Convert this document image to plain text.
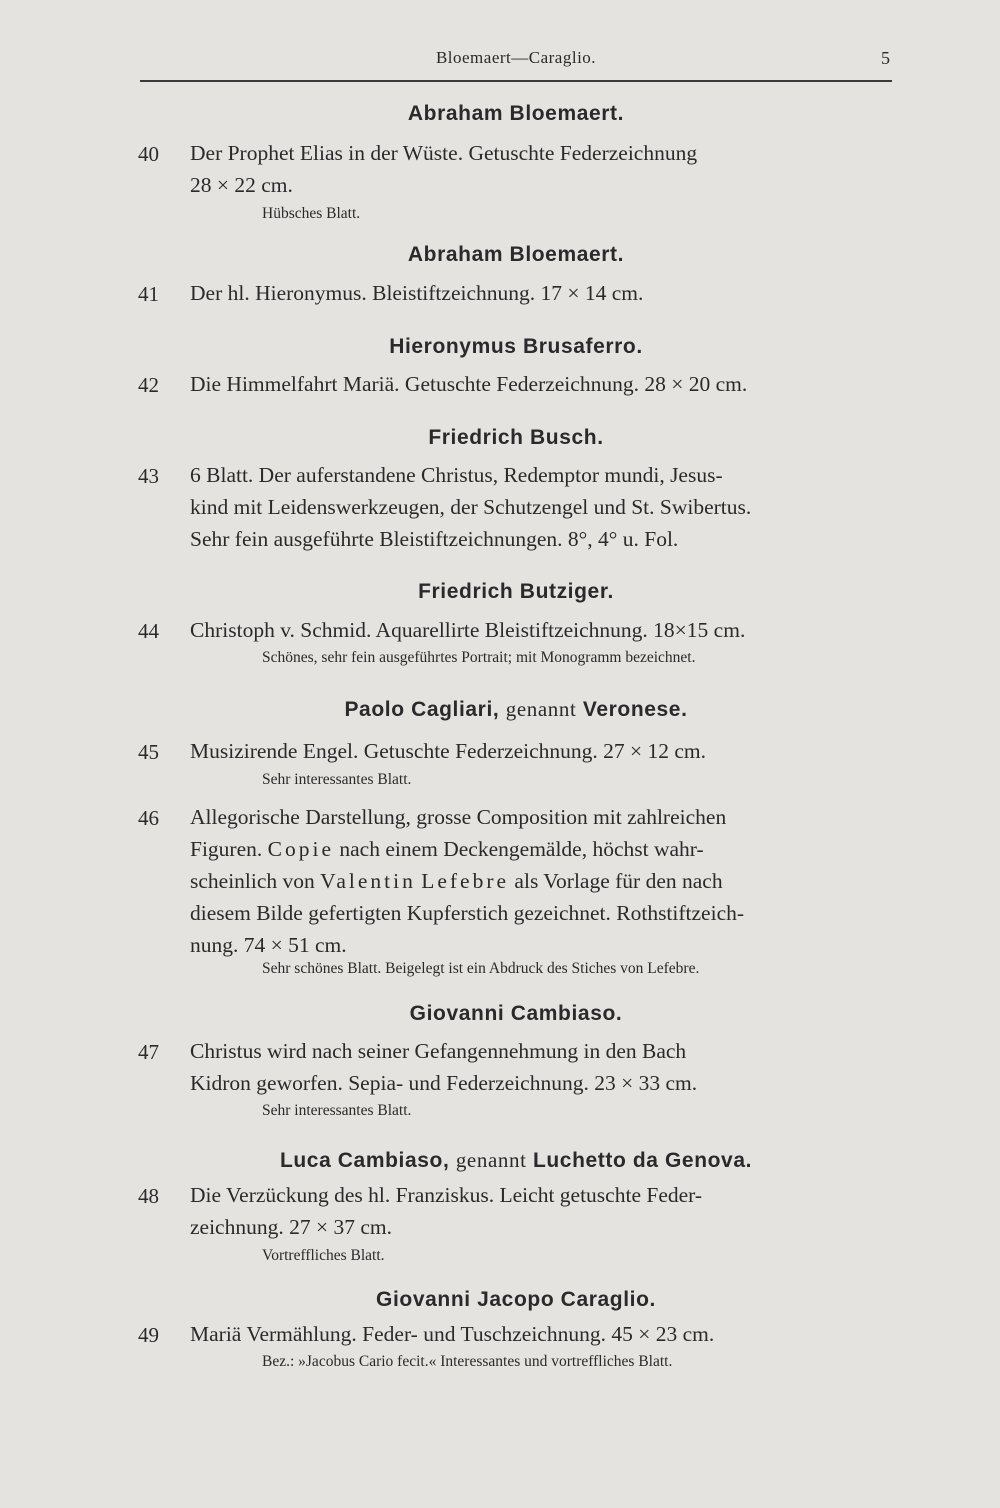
Bloemaert—Caraglio.	5
Abraham Bloemaert.
40 Der Prophet Elias in der Wüste. Getuschte Federzeichnung
28 × 22 cm.
Hübsches Blatt.
Abraham Bloemaert.
41 Der hl. Hieronymus. Bleistiftzeichnung. 17 × 14 cm.
Hieronymus Brusaferro.
42 Die Himmelfahrt Mariä. Getuschte Federzeichnung. 28 × 20 cm.
Friedrich Busch.
43 6 Blatt. Der auferstandene Christus, Redemptor mundi, Jesus-
kind mit Leidenswerkzeugen, der Schutzengel und St. Swibertus.
Sehr fein ausgeführte Bleistiftzeichnungen. 8°, 4° u. Fol.
Friedrich Butziger.
44 Christoph v. Schmid. Aquarellirte Bleistiftzeichnung. 18×15 cm.
Schönes, sehr fein ausgeführtes Portrait; mit Monogramm bezeichnet.
Paolo Cagliari, genannt Veronese.
45 Musizirende Engel. Getuschte Federzeichnung. 27 × 12 cm.
Sehr interessantes Blatt.
46 Allegorische Darstellung, grosse Composition mit zahlreichen
Figuren. Copie nach einem Deckengemälde, höchst wahr-
scheinlich von Valentin Lefebre als Vorlage für den nach
diesem Bilde gefertigten Kupferstich gezeichnet. Rothstiftzeich-
nung. 74 × 51 cm.
Sehr schönes Blatt. Beigelegt ist ein Abdruck des Stiches von Lefebre.
Giovanni Cambiaso.
47 Christus wird nach seiner Gefangennehmung in den Bach
Kidron geworfen. Sepia- und Federzeichnung. 23 × 33 cm.
Sehr interessantes Blatt.
Luca Cambiaso, genannt Luchetto da Genova.
48 Die Verzückung des hl. Franziskus. Leicht getuschte Feder-
zeichnung. 27 × 37 cm.
Vortreffliches Blatt.
Giovanni Jacopo Caraglio.
49 Mariä Vermählung. Feder- und Tuschzeichnung. 45 × 23 cm.
Bez.: »Jacobus Cario fecit.« Interessantes und vortreffliches Blatt.
